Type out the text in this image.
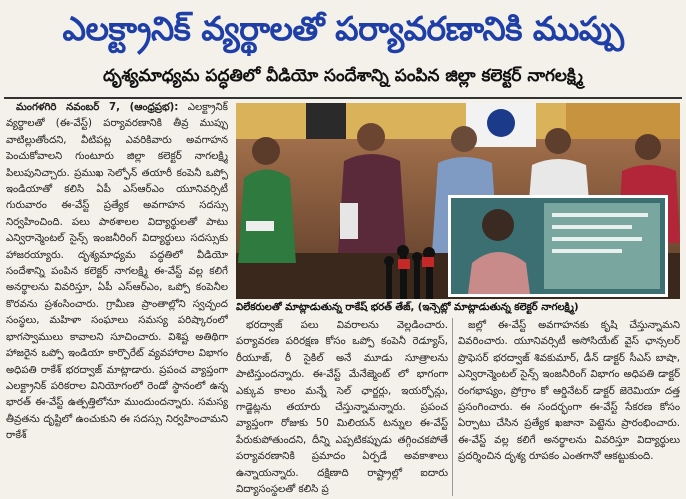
ఎలక్ట్రానిక్ వ్యర్థాలతో పర్యావరణానికి ముప్పు
దృశ్యమాధ్యమ పద్ధతిలో వీడియో సందేశాన్ని పంపిన జిల్లా కలెక్టర్ నాగలక్ష్మి

మంగళగిరి నవంబర్ 7, (ఆంధ్రప్రభ): ఎలక్ట్రానిక్ వ్యర్థాలతో (ఈ-వేస్ట్) పర్యావరణానికి తీవ్ర ముప్పు వాటిల్లుతోందని, వీటిపట్ల ఎవరికివారు అవగాహన పెంచుకోవాలని గుంటూరు జిల్లా కలెక్టర్ నాగలక్ష్మి పిలుపునిచ్చారు. ప్రముఖ సెల్ఫోన్ తయారీ కంపెనీ ఒప్పో ఇండియాతో కలిసి ఏపీ ఎస్ఆర్ఎం యూనివర్సిటీ గురువారం ఈ-వేస్ట్ ప్రత్యేక అవగాహన సదస్సు నిర్వహించింది. పలు పాఠశాలల విద్యార్థులతో పాటు ఎన్విరాన్మెంటల్ సైన్స్ ఇంజనీరింగ్ విద్యార్థులు సదస్సుకు హాజరయ్యారు. దృశ్యమాధ్యమ పద్ధతిలో వీడియో సందేశాన్ని పంపిన కలెక్టర్ నాగలక్ష్మి ఈ-వేస్ట్ వల్ల కలిగే అనర్థాలను వివరిస్తూ, ఏపీ ఎస్ఆర్ఎం, ఒప్పో కంపెనీల కొరవను ప్రశంసించారు. గ్రామీణ ప్రాంతాల్లోని స్వచ్ఛంద సంస్థలు, మహిళా సంఘాలు సమస్య పరిష్కారంలో భాగస్వాములు కావాలని సూచించారు. విశిష్ట అతిథిగా హాజరైన ఒప్పో ఇండియా కార్పొరేట్ వ్యవహారాల విభాగం అధిపతి రాకేశ్ భరద్వాజ్ మాట్లాడారు. ప్రపంచ వ్యాప్తంగా ఎలక్ట్రానిక్ పరికరాల వినియోగంలో రెండో స్థానంలో ఉన్న భారత్ ఈ-వేస్ట్ ఉత్పత్తిలోనూ ముందుందన్నారు. సమస్య తీవ్రతను దృష్టిలో ఉంచుకుని ఈ సదస్సు నిర్వహించామని రాకేశ్

విలేకరులతో మాట్లాడుతున్న రాకేష్ భరత్ తేజ్, (ఇన్సెట్లో మాట్లాడుతున్న కలెక్టర్ నాగలక్ష్మి)

భరద్వాజ్ పలు వివరాలను వెల్లడించారు. పర్యావరణ పరిరక్షణ కోసం ఒప్పో కంపెనీ రెడ్యూస్, రీయూజ్, రీ సైకిల్ అనే మూడు సూత్రాలను పాటిస్తుందన్నారు. ఈ-వేస్ట్ మేనేజ్మెంట్ లో భాగంగా ఎక్కువ కాలం మన్నే సెల్ ఛార్జర్లు, ఇయర్ఫోన్లు, గాడ్జెట్లను తయారు చేస్తున్నామన్నారు. ప్రపంచ వ్యాప్తంగా రోజుకు 50 మిలియన్ టన్నుల ఈ-వేస్ట్ పేరుకుపోతుందని, దీన్ని ఎప్పటికప్పుడు తగ్గించకపోతే పర్యావరణానికి ప్రమాదం ఏర్పడే అవకాశాలు ఉన్నాయన్నారు. దక్షిణాది రాష్ట్రాల్లో ఐదారు విద్యాసంస్థలతో కలిసి ప్ర

జల్లో ఈ-వేస్ట్ అవగాహనకు కృషి చేస్తున్నామని వివరించారు. యూనివర్సిటీ అసోసియేట్ వైస్ ఛాన్సలర్ ప్రొఫెసర్ భరద్వాజ్ శివకుమార్, డీన్ డాక్టర్ సీఎస్ బాషా, ఎన్విరాన్మెంటల్ సైన్స్ ఇంజనీరింగ్ విభాగం అధిపతి డాక్టర్ రంగభాష్యం, ప్రోగ్రాం కో ఆర్డినేటర్ డాక్టర్ జెరెమియా దత్త ప్రసంగించారు. ఈ సందర్భంగా ఈ-వేస్ట్ సేకరణ కోసం ఏర్పాటు చేసిన ప్రత్యేక ఖజానా పెట్టెను ప్రారంభించారు. ఈ-వేస్ట్ వల్ల కలిగే అనర్థాలను వివరిస్తూ విద్యార్థులు ప్రదర్శించిన దృశ్య రూపకం ఎంతగానో ఆకట్టుకుంది.
